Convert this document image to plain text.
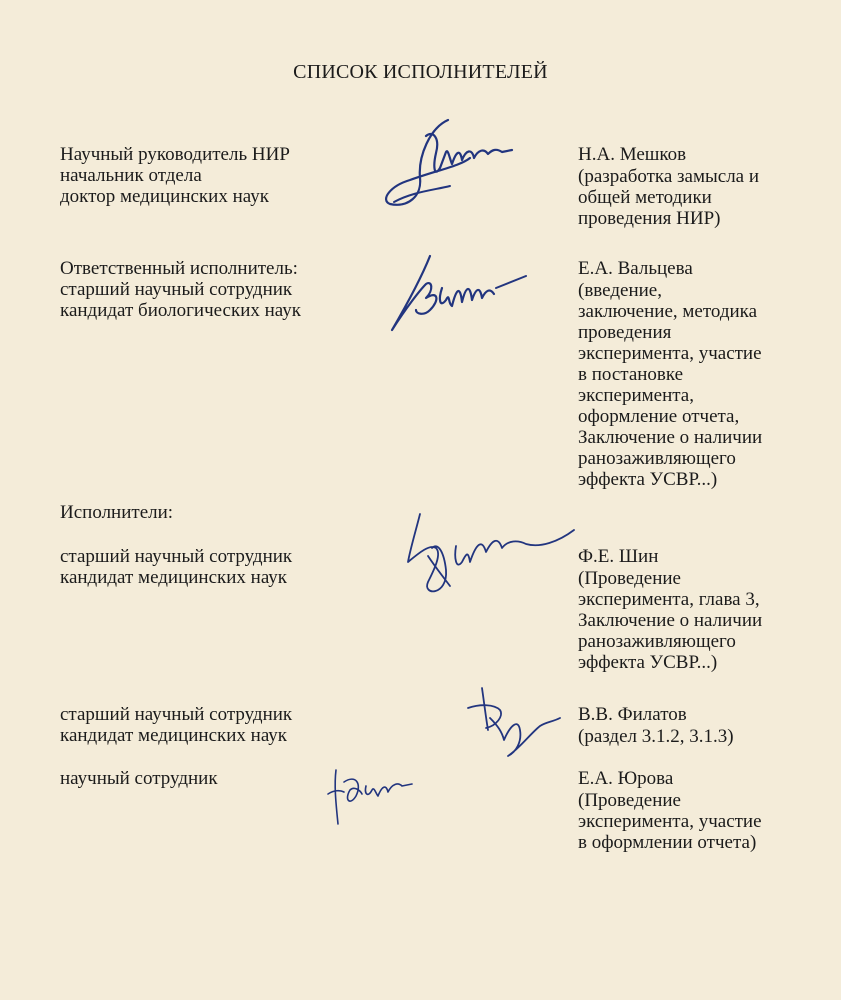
СПИСОК ИСПОЛНИТЕЛЕЙ
Научный руководитель НИР
начальник отдела
доктор медицинских наук
Н.А. Мешков
(разработка замысла и
общей методики
проведения НИР)
Ответственный исполнитель:
старший научный сотрудник
кандидат биологических наук
Е.А. Вальцева
(введение,
заключение, методика
проведения
эксперимента, участие
в постановке
эксперимента,
оформление отчета,
Заключение о наличии
ранозаживляющего
эффекта УСВР...)
Исполнители:
старший научный сотрудник
кандидат медицинских наук
Ф.Е. Шин
(Проведение
эксперимента, глава 3,
Заключение о наличии
ранозаживляющего
эффекта УСВР...)
старший научный сотрудник
кандидат медицинских наук
В.В. Филатов
(раздел 3.1.2, 3.1.3)
научный сотрудник	Е.А. Юрова
(Проведение
эксперимента, участие
в оформлении отчета)
